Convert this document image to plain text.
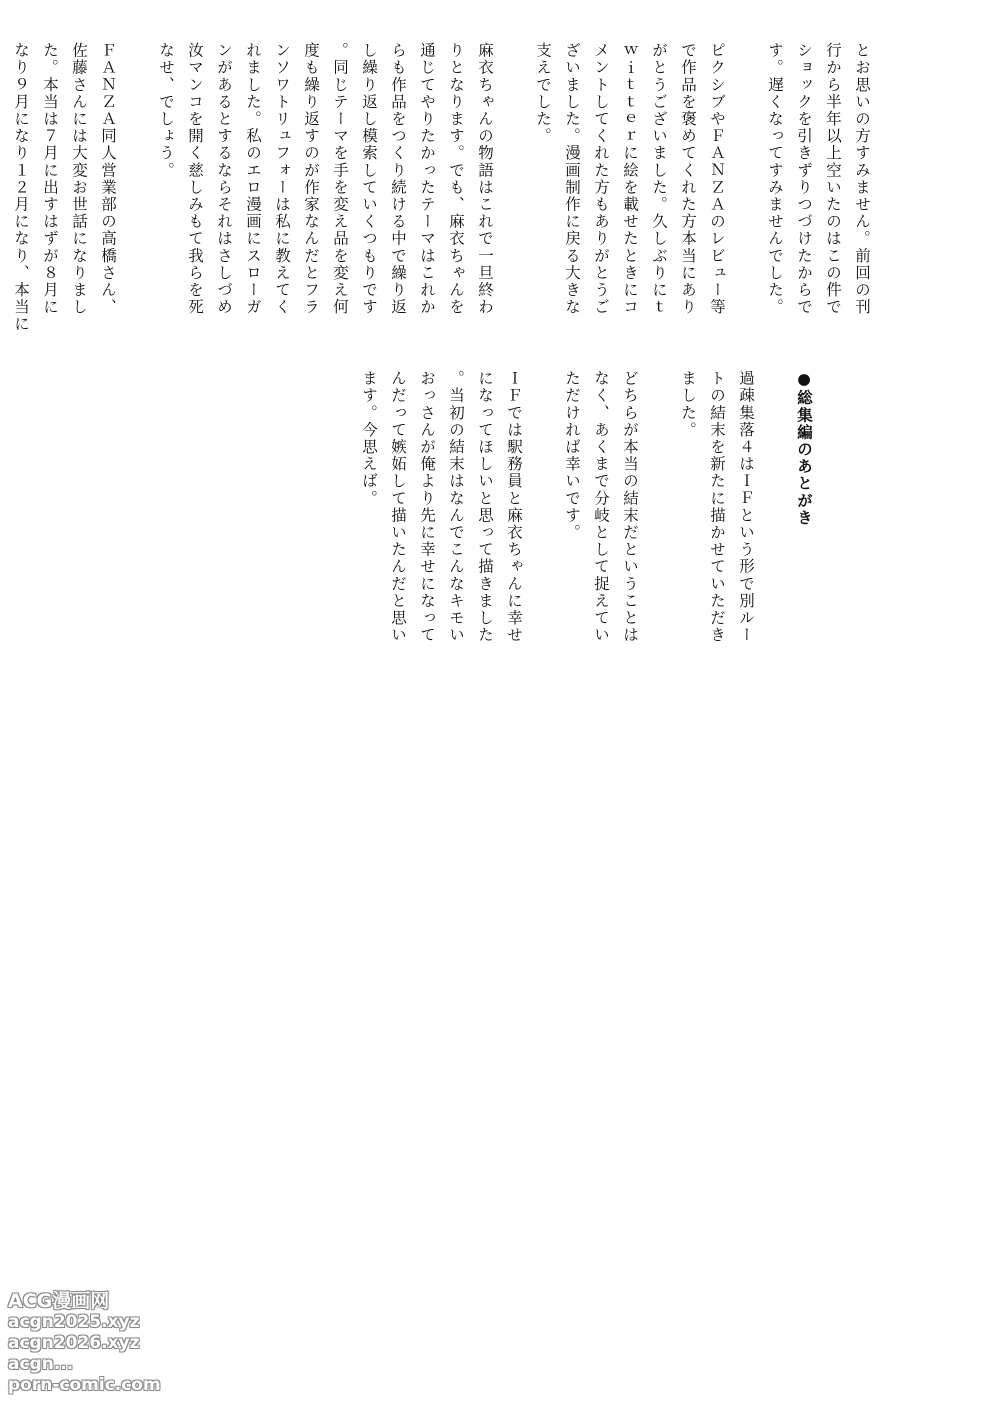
とお思いの方すみません。前回の刊
行から半年以上空いたのはこの件で
ショックを引きずりつづけたからで
す。遅くなってすみませんでした。

ピクシブやＦＡＮＺＡのレビュー等
で作品を褒めてくれた方本当にあり
がとうございました。久しぶりにｔ
ｗｉｔｔｅｒに絵を載せたときにコ
メントしてくれた方もありがとうご
ざいました。漫画制作に戻る大きな
支えでした。

麻衣ちゃんの物語はこれで一旦終わ
りとなります。でも、麻衣ちゃんを
通じてやりたかったテーマはこれか
らも作品をつくり続ける中で繰り返
し繰り返し模索していくつもりです
。同じテーマを手を変え品を変え何
度も繰り返すのが作家なんだとフラ
ンソワトリュフォーは私に教えてく
れました。私のエロ漫画にスローガ
ンがあるとするならそれはさしづめ
汝マンコを開く慈しみもて我らを死
なせ、でしょう。

ＦＡＮＺＡ同人営業部の高橋さん、
佐藤さんには大変お世話になりまし
た。本当は７月に出すはずが８月に
なり９月になり１２月になり、本当に

●総集編のあとがき

過疎集落４はＩＦという形で別ルー
トの結末を新たに描かせていただき
ました。

どちらが本当の結末だということは
なく、あくまで分岐として捉えてい
ただければ幸いです。

ＩＦでは駅務員と麻衣ちゃんに幸せ
になってほしいと思って描きました
。当初の結末はなんでこんなキモい
おっさんが俺より先に幸せになって
んだって嫉妬して描いたんだと思い
ます。今思えば。
ACG漫画网
acgn2025.xyz
acgn2026.xyz
acgn...
porn-comic.com
